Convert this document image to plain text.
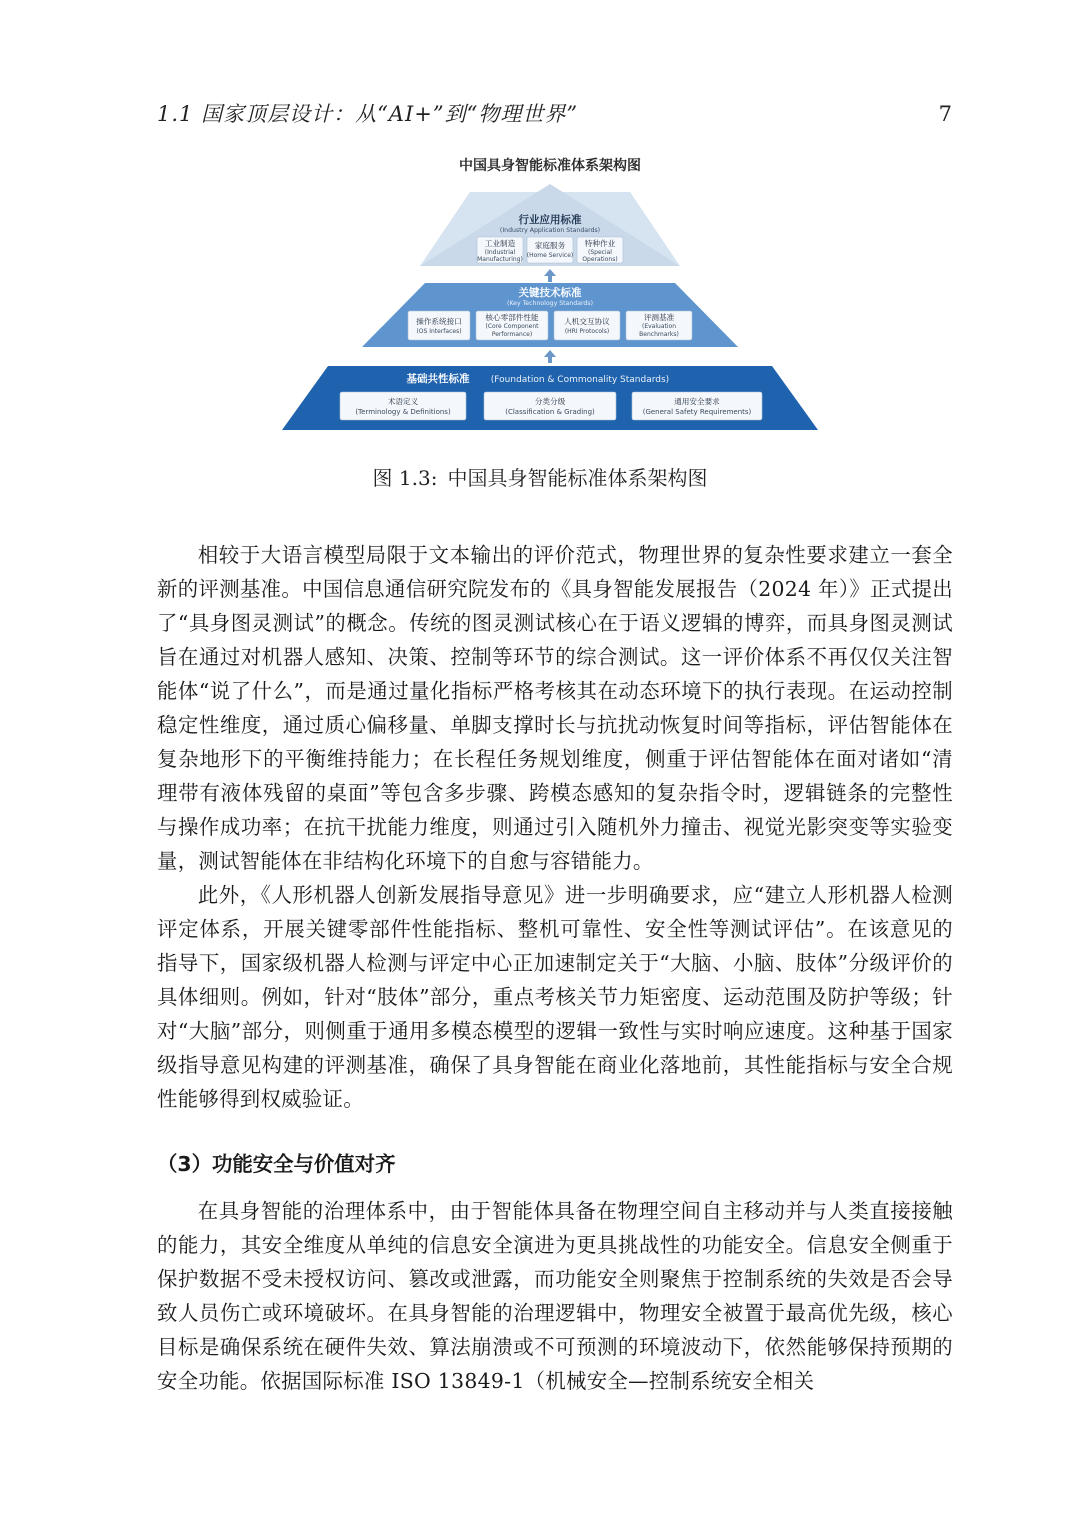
1.1 国家顶层设计：从“AI+”到“物理世界”	7
中国具身智能标准体系架构图
行业应用标准
(Industry Application Standards)
工业制造
(Industrial
Manufacturing)
家庭服务
(Home Service)
特种作业
(Special
Operations)
关键技术标准
(Key Technology Standards)
操作系统接口
(OS Interfaces)
核心零部件性能
(Core Component
Performance)
人机交互协议
(HRI Protocols)
评测基准
(Evaluation
Benchmarks)
基础共性标准 (Foundation & Commonality Standards)
术语定义
(Terminology & Definitions)
分类分级
(Classification & Grading)
通用安全要求
(General Safety Requirements)
图 1.3: 中国具身智能标准体系架构图

相较于大语言模型局限于文本输出的评价范式，物理世界的复杂性要求建立一套全新的评测基准。中国信息通信研究院发布的《具身智能发展报告（2024 年）》正式提出了“具身图灵测试”的概念。传统的图灵测试核心在于语义逻辑的博弈，而具身图灵测试旨在通过对机器人感知、决策、控制等环节的综合测试。这一评价体系不再仅仅关注智能体“说了什么”，而是通过量化指标严格考核其在动态环境下的执行表现。在运动控制稳定性维度，通过质心偏移量、单脚支撑时长与抗扰动恢复时间等指标，评估智能体在复杂地形下的平衡维持能力；在长程任务规划维度，侧重于评估智能体在面对诸如“清理带有液体残留的桌面”等包含多步骤、跨模态感知的复杂指令时，逻辑链条的完整性与操作成功率；在抗干扰能力维度，则通过引入随机外力撞击、视觉光影突变等实验变量，测试智能体在非结构化环境下的自愈与容错能力。

此外，《人形机器人创新发展指导意见》进一步明确要求，应“建立人形机器人检测评定体系，开展关键零部件性能指标、整机可靠性、安全性等测试评估”。在该意见的指导下，国家级机器人检测与评定中心正加速制定关于“大脑、小脑、肢体”分级评价的具体细则。例如，针对“肢体”部分，重点考核关节力矩密度、运动范围及防护等级；针对“大脑”部分，则侧重于通用多模态模型的逻辑一致性与实时响应速度。这种基于国家级指导意见构建的评测基准，确保了具身智能在商业化落地前，其性能指标与安全合规性能够得到权威验证。

（3）功能安全与价值对齐

在具身智能的治理体系中，由于智能体具备在物理空间自主移动并与人类直接接触的能力，其安全维度从单纯的信息安全演进为更具挑战性的功能安全。信息安全侧重于保护数据不受未授权访问、篡改或泄露，而功能安全则聚焦于控制系统的失效是否会导致人员伤亡或环境破坏。在具身智能的治理逻辑中，物理安全被置于最高优先级，核心目标是确保系统在硬件失效、算法崩溃或不可预测的环境波动下，依然能够保持预期的安全功能。依据国际标准 ISO 13849-1（机械安全—控制系统安全相关
